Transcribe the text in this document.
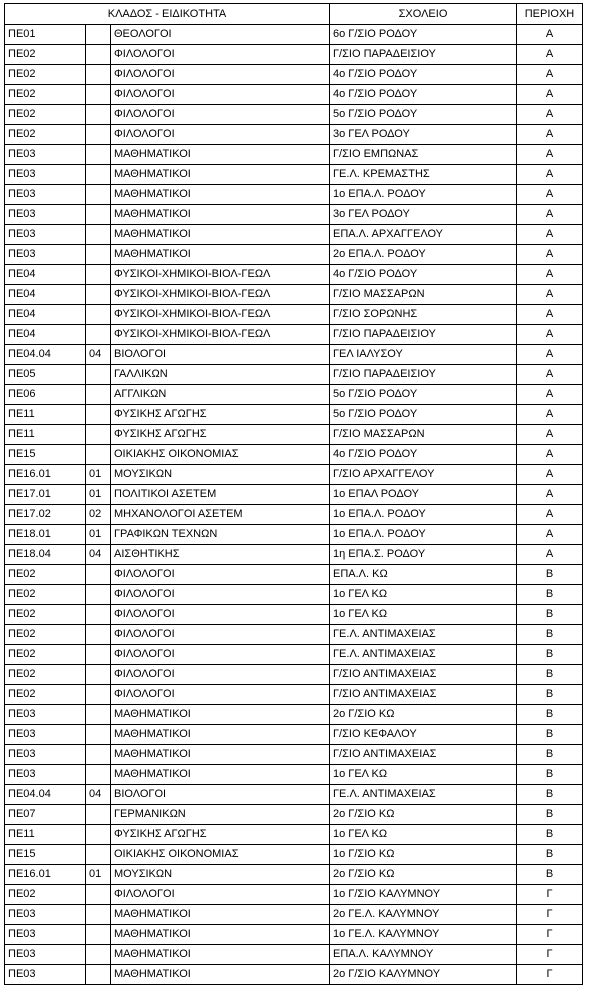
ΚΛΑΔΟΣ - ΕΙΔΙΚΟΤΗΤΑ			ΣΧΟΛΕΙΟ	ΠΕΡΙΟΧΗ

ΠΕ01		ΘΕΟΛΟΓΟΙ	6ο Γ/ΣΙΟ ΡΟΔΟΥ	Α
ΠΕ02		ΦΙΛΟΛΟΓΟΙ	Γ/ΣΙΟ ΠΑΡΑΔΕΙΣΙΟΥ	Α
ΠΕ02		ΦΙΛΟΛΟΓΟΙ	4ο Γ/ΣΙΟ ΡΟΔΟΥ	Α
ΠΕ02		ΦΙΛΟΛΟΓΟΙ	4ο Γ/ΣΙΟ ΡΟΔΟΥ	Α
ΠΕ02		ΦΙΛΟΛΟΓΟΙ	5ο Γ/ΣΙΟ ΡΟΔΟΥ	Α
ΠΕ02		ΦΙΛΟΛΟΓΟΙ	3ο ΓΕΛ ΡΟΔΟΥ	Α
ΠΕ03		ΜΑΘΗΜΑΤΙΚΟΙ	Γ/ΣΙΟ ΕΜΠΩΝΑΣ	Α
ΠΕ03		ΜΑΘΗΜΑΤΙΚΟΙ	ΓΕ.Λ. ΚΡΕΜΑΣΤΗΣ	Α
ΠΕ03		ΜΑΘΗΜΑΤΙΚΟΙ	1ο ΕΠΑ.Λ. ΡΟΔΟΥ	Α
ΠΕ03		ΜΑΘΗΜΑΤΙΚΟΙ	3ο ΓΕΛ ΡΟΔΟΥ	Α
ΠΕ03		ΜΑΘΗΜΑΤΙΚΟΙ	ΕΠΑ.Λ. ΑΡΧΑΓΓΕΛΟΥ	Α
ΠΕ03		ΜΑΘΗΜΑΤΙΚΟΙ	2ο ΕΠΑ.Λ. ΡΟΔΟΥ	Α
ΠΕ04		ΦΥΣΙΚΟΙ-ΧΗΜΙΚΟΙ-ΒΙΟΛ-ΓΕΩΛ	4ο Γ/ΣΙΟ ΡΟΔΟΥ	Α
ΠΕ04		ΦΥΣΙΚΟΙ-ΧΗΜΙΚΟΙ-ΒΙΟΛ-ΓΕΩΛ	Γ/ΣΙΟ ΜΑΣΣΑΡΩΝ	Α
ΠΕ04		ΦΥΣΙΚΟΙ-ΧΗΜΙΚΟΙ-ΒΙΟΛ-ΓΕΩΛ	Γ/ΣΙΟ ΣΟΡΩΝΗΣ	Α
ΠΕ04		ΦΥΣΙΚΟΙ-ΧΗΜΙΚΟΙ-ΒΙΟΛ-ΓΕΩΛ	Γ/ΣΙΟ ΠΑΡΑΔΕΙΣΙΟΥ	Α
ΠΕ04.04	04	ΒΙΟΛΟΓΟΙ	ΓΕΛ ΙΑΛΥΣΟΥ	Α
ΠΕ05		ΓΑΛΛΙΚΩΝ	Γ/ΣΙΟ ΠΑΡΑΔΕΙΣΙΟΥ	Α
ΠΕ06		ΑΓΓΛΙΚΩΝ	5ο Γ/ΣΙΟ ΡΟΔΟΥ	Α
ΠΕ11		ΦΥΣΙΚΗΣ ΑΓΩΓΗΣ	5ο Γ/ΣΙΟ ΡΟΔΟΥ	Α
ΠΕ11		ΦΥΣΙΚΗΣ ΑΓΩΓΗΣ	Γ/ΣΙΟ ΜΑΣΣΑΡΩΝ	Α
ΠΕ15		ΟΙΚΙΑΚΗΣ ΟΙΚΟΝΟΜΙΑΣ	4ο Γ/ΣΙΟ ΡΟΔΟΥ	Α
ΠΕ16.01	01	ΜΟΥΣΙΚΩΝ	Γ/ΣΙΟ ΑΡΧΑΓΓΕΛΟΥ	Α
ΠΕ17.01	01	ΠΟΛΙΤΙΚΟΙ ΑΣΕΤΕΜ	1ο ΕΠΑΛ ΡΟΔΟΥ	Α
ΠΕ17.02	02	ΜΗΧΑΝΟΛΟΓΟΙ ΑΣΕΤΕΜ	1ο ΕΠΑ.Λ. ΡΟΔΟΥ	Α
ΠΕ18.01	01	ΓΡΑΦΙΚΩΝ ΤΕΧΝΩΝ	1ο ΕΠΑ.Λ. ΡΟΔΟΥ	Α
ΠΕ18.04	04	ΑΙΣΘΗΤΙΚΗΣ	1η ΕΠΑ.Σ. ΡΟΔΟΥ	Α
ΠΕ02		ΦΙΛΟΛΟΓΟΙ	ΕΠΑ.Λ. ΚΩ	Β
ΠΕ02		ΦΙΛΟΛΟΓΟΙ	1ο ΓΕΛ ΚΩ	Β
ΠΕ02		ΦΙΛΟΛΟΓΟΙ	1ο ΓΕΛ ΚΩ	Β
ΠΕ02		ΦΙΛΟΛΟΓΟΙ	ΓΕ.Λ. ΑΝΤΙΜΑΧΕΙΑΣ	Β
ΠΕ02		ΦΙΛΟΛΟΓΟΙ	ΓΕ.Λ. ΑΝΤΙΜΑΧΕΙΑΣ	Β
ΠΕ02		ΦΙΛΟΛΟΓΟΙ	Γ/ΣΙΟ ΑΝΤΙΜΑΧΕΙΑΣ	Β
ΠΕ02		ΦΙΛΟΛΟΓΟΙ	Γ/ΣΙΟ ΑΝΤΙΜΑΧΕΙΑΣ	Β
ΠΕ03		ΜΑΘΗΜΑΤΙΚΟΙ	2ο Γ/ΣΙΟ ΚΩ	Β
ΠΕ03		ΜΑΘΗΜΑΤΙΚΟΙ	Γ/ΣΙΟ ΚΕΦΑΛΟΥ	Β
ΠΕ03		ΜΑΘΗΜΑΤΙΚΟΙ	Γ/ΣΙΟ ΑΝΤΙΜΑΧΕΙΑΣ	Β
ΠΕ03		ΜΑΘΗΜΑΤΙΚΟΙ	1ο ΓΕΛ ΚΩ	Β
ΠΕ04.04	04	ΒΙΟΛΟΓΟΙ	ΓΕ.Λ. ΑΝΤΙΜΑΧΕΙΑΣ	Β
ΠΕ07		ΓΕΡΜΑΝΙΚΩΝ	2ο Γ/ΣΙΟ ΚΩ	Β
ΠΕ11		ΦΥΣΙΚΗΣ ΑΓΩΓΗΣ	1ο ΓΕΛ ΚΩ	Β
ΠΕ15		ΟΙΚΙΑΚΗΣ ΟΙΚΟΝΟΜΙΑΣ	1ο Γ/ΣΙΟ ΚΩ	Β
ΠΕ16.01	01	ΜΟΥΣΙΚΩΝ	2ο Γ/ΣΙΟ ΚΩ	Β
ΠΕ02		ΦΙΛΟΛΟΓΟΙ	1ο Γ/ΣΙΟ ΚΑΛΥΜΝΟΥ	Γ
ΠΕ03		ΜΑΘΗΜΑΤΙΚΟΙ	2ο ΓΕ.Λ. ΚΑΛΥΜΝΟΥ	Γ
ΠΕ03		ΜΑΘΗΜΑΤΙΚΟΙ	1ο ΓΕ.Λ. ΚΑΛΥΜΝΟΥ	Γ
ΠΕ03		ΜΑΘΗΜΑΤΙΚΟΙ	ΕΠΑ.Λ. ΚΑΛΥΜΝΟΥ	Γ
ΠΕ03		ΜΑΘΗΜΑΤΙΚΟΙ	2ο Γ/ΣΙΟ ΚΑΛΥΜΝΟΥ	Γ
